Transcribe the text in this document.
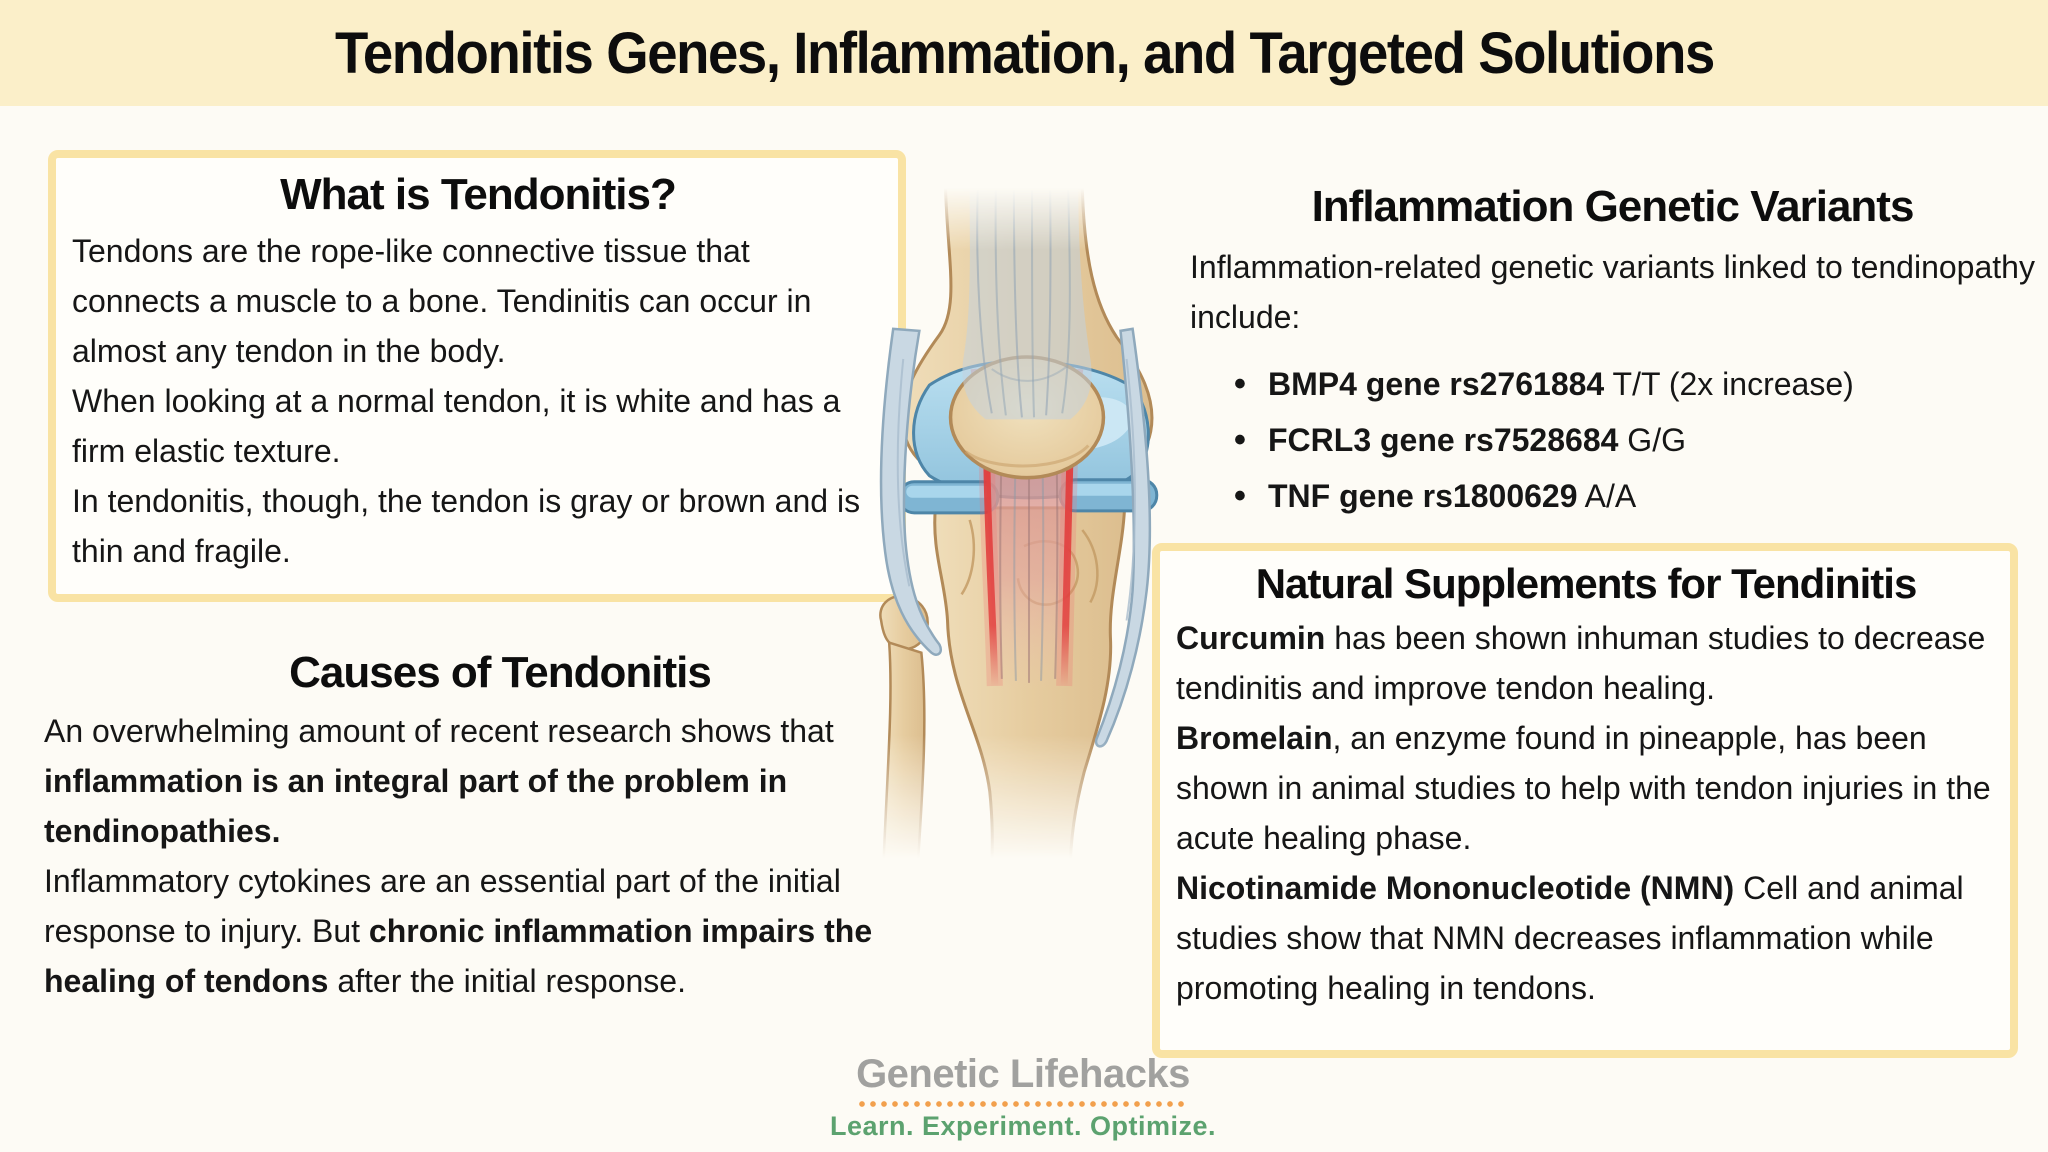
Tendonitis Genes, Inflammation, and Targeted Solutions
What is Tendonitis?

Tendons are the rope-like connective tissue that connects a muscle to a bone. Tendinitis can occur in almost any tendon in the body.

When looking at a normal tendon, it is white and has a firm elastic texture.

In tendonitis, though, the tendon is gray or brown and is thin and fragile.

Causes of Tendonitis

An overwhelming amount of recent research shows that inflammation is an integral part of the problem in tendinopathies.

Inflammatory cytokines are an essential part of the initial response to injury. But chronic inflammation impairs the healing of tendons after the initial response.

Inflammation Genetic Variants

Inflammation-related genetic variants linked to tendinopathy include:

• BMP4 gene rs2761884 T/T (2x increase)
• FCRL3 gene rs7528684 G/G
• TNF gene rs1800629 A/A
Natural Supplements for Tendinitis

Curcumin has been shown inhuman studies to decrease tendinitis and improve tendon healing.

Bromelain, an enzyme found in pineapple, has been shown in animal studies to help with tendon injuries in the acute healing phase.

Nicotinamide Mononucleotide (NMN) Cell and animal studies show that NMN decreases inflammation while promoting healing in tendons.

Genetic Lifehacks
Learn. Experiment. Optimize.
